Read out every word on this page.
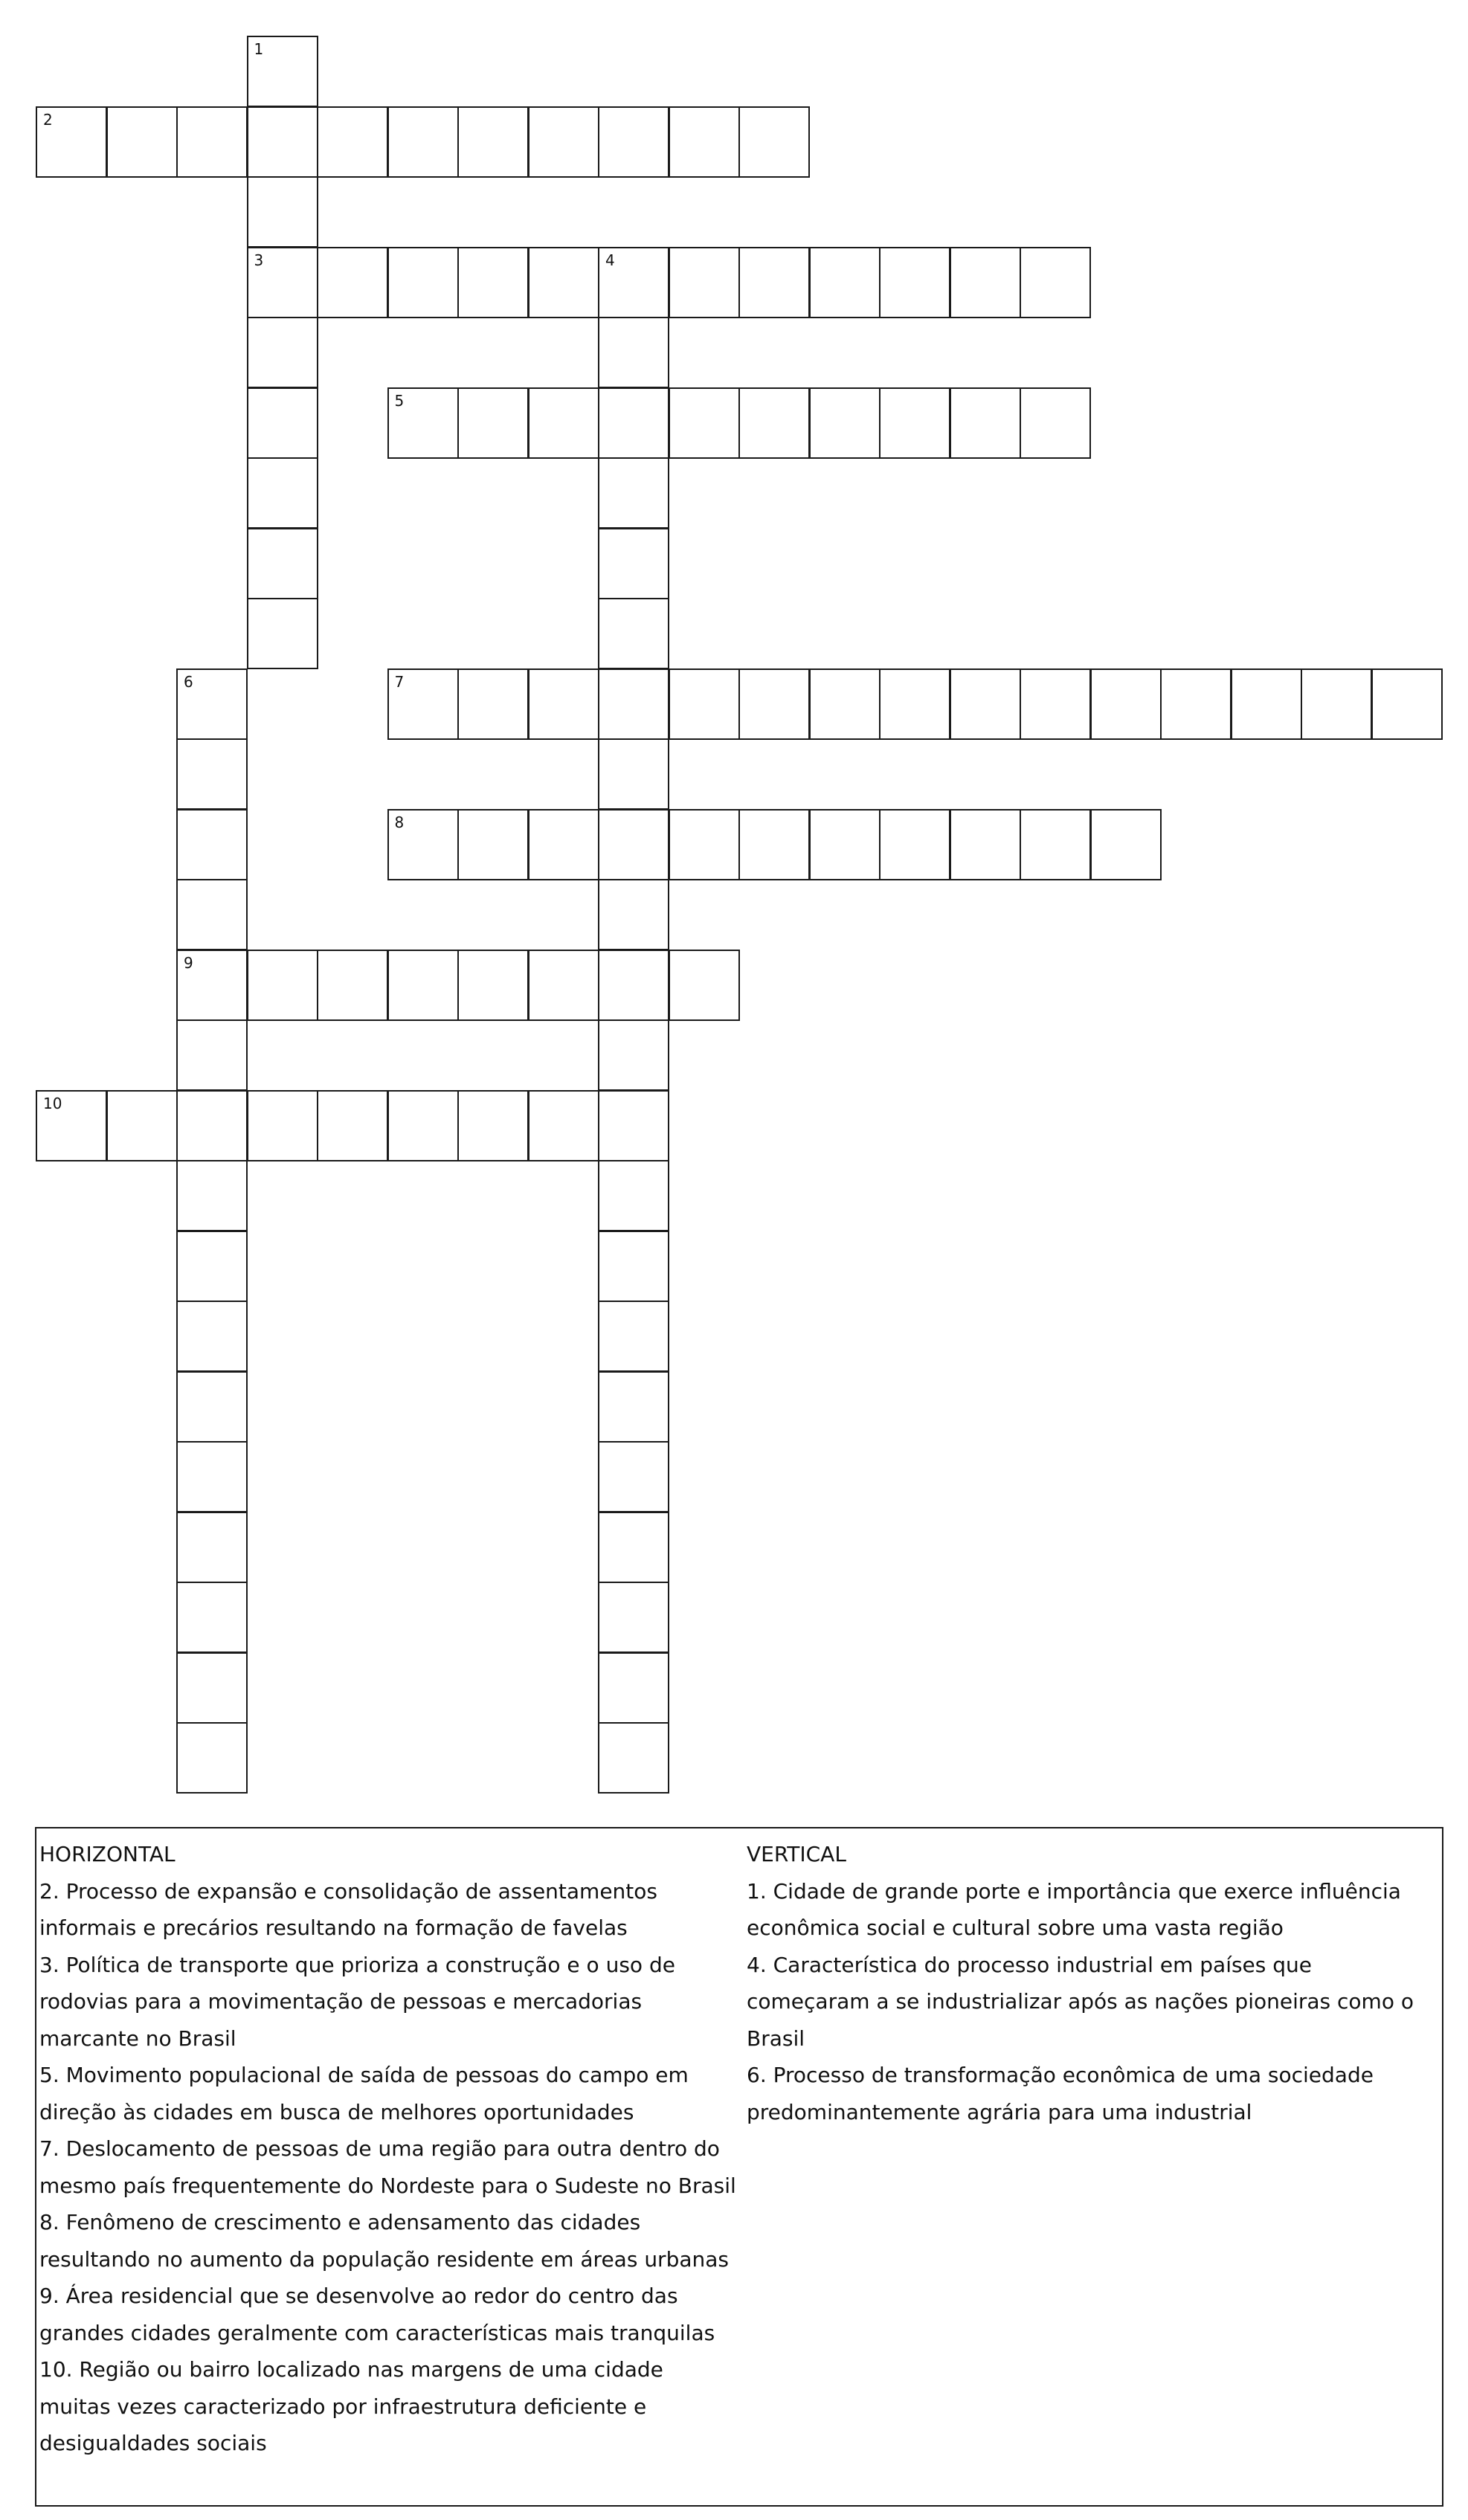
1
3
2
4
5
6
9
7
8
10
HORIZONTAL
2. Processo de expansão e consolidação de assentamentos informais e precários resultando na formação de favelas
3. Política de transporte que prioriza a construção e o uso de rodovias para a movimentação de pessoas e mercadorias marcante no Brasil
5. Movimento populacional de saída de pessoas do campo em direção às cidades em busca de melhores oportunidades
7. Deslocamento de pessoas de uma região para outra dentro do mesmo país frequentemente do Nordeste para o Sudeste no Brasil
8. Fenômeno de crescimento e adensamento das cidades resultando no aumento da população residente em áreas urbanas
9. Área residencial que se desenvolve ao redor do centro das grandes cidades geralmente com características mais tranquilas
10. Região ou bairro localizado nas margens de uma cidade muitas vezes caracterizado por infraestrutura deficiente e desigualdades sociais
VERTICAL
1. Cidade de grande porte e importância que exerce influência econômica social e cultural sobre uma vasta região
4. Característica do processo industrial em países que começaram a se industrializar após as nações pioneiras como o Brasil
6. Processo de transformação econômica de uma sociedade predominantemente agrária para uma industrial
